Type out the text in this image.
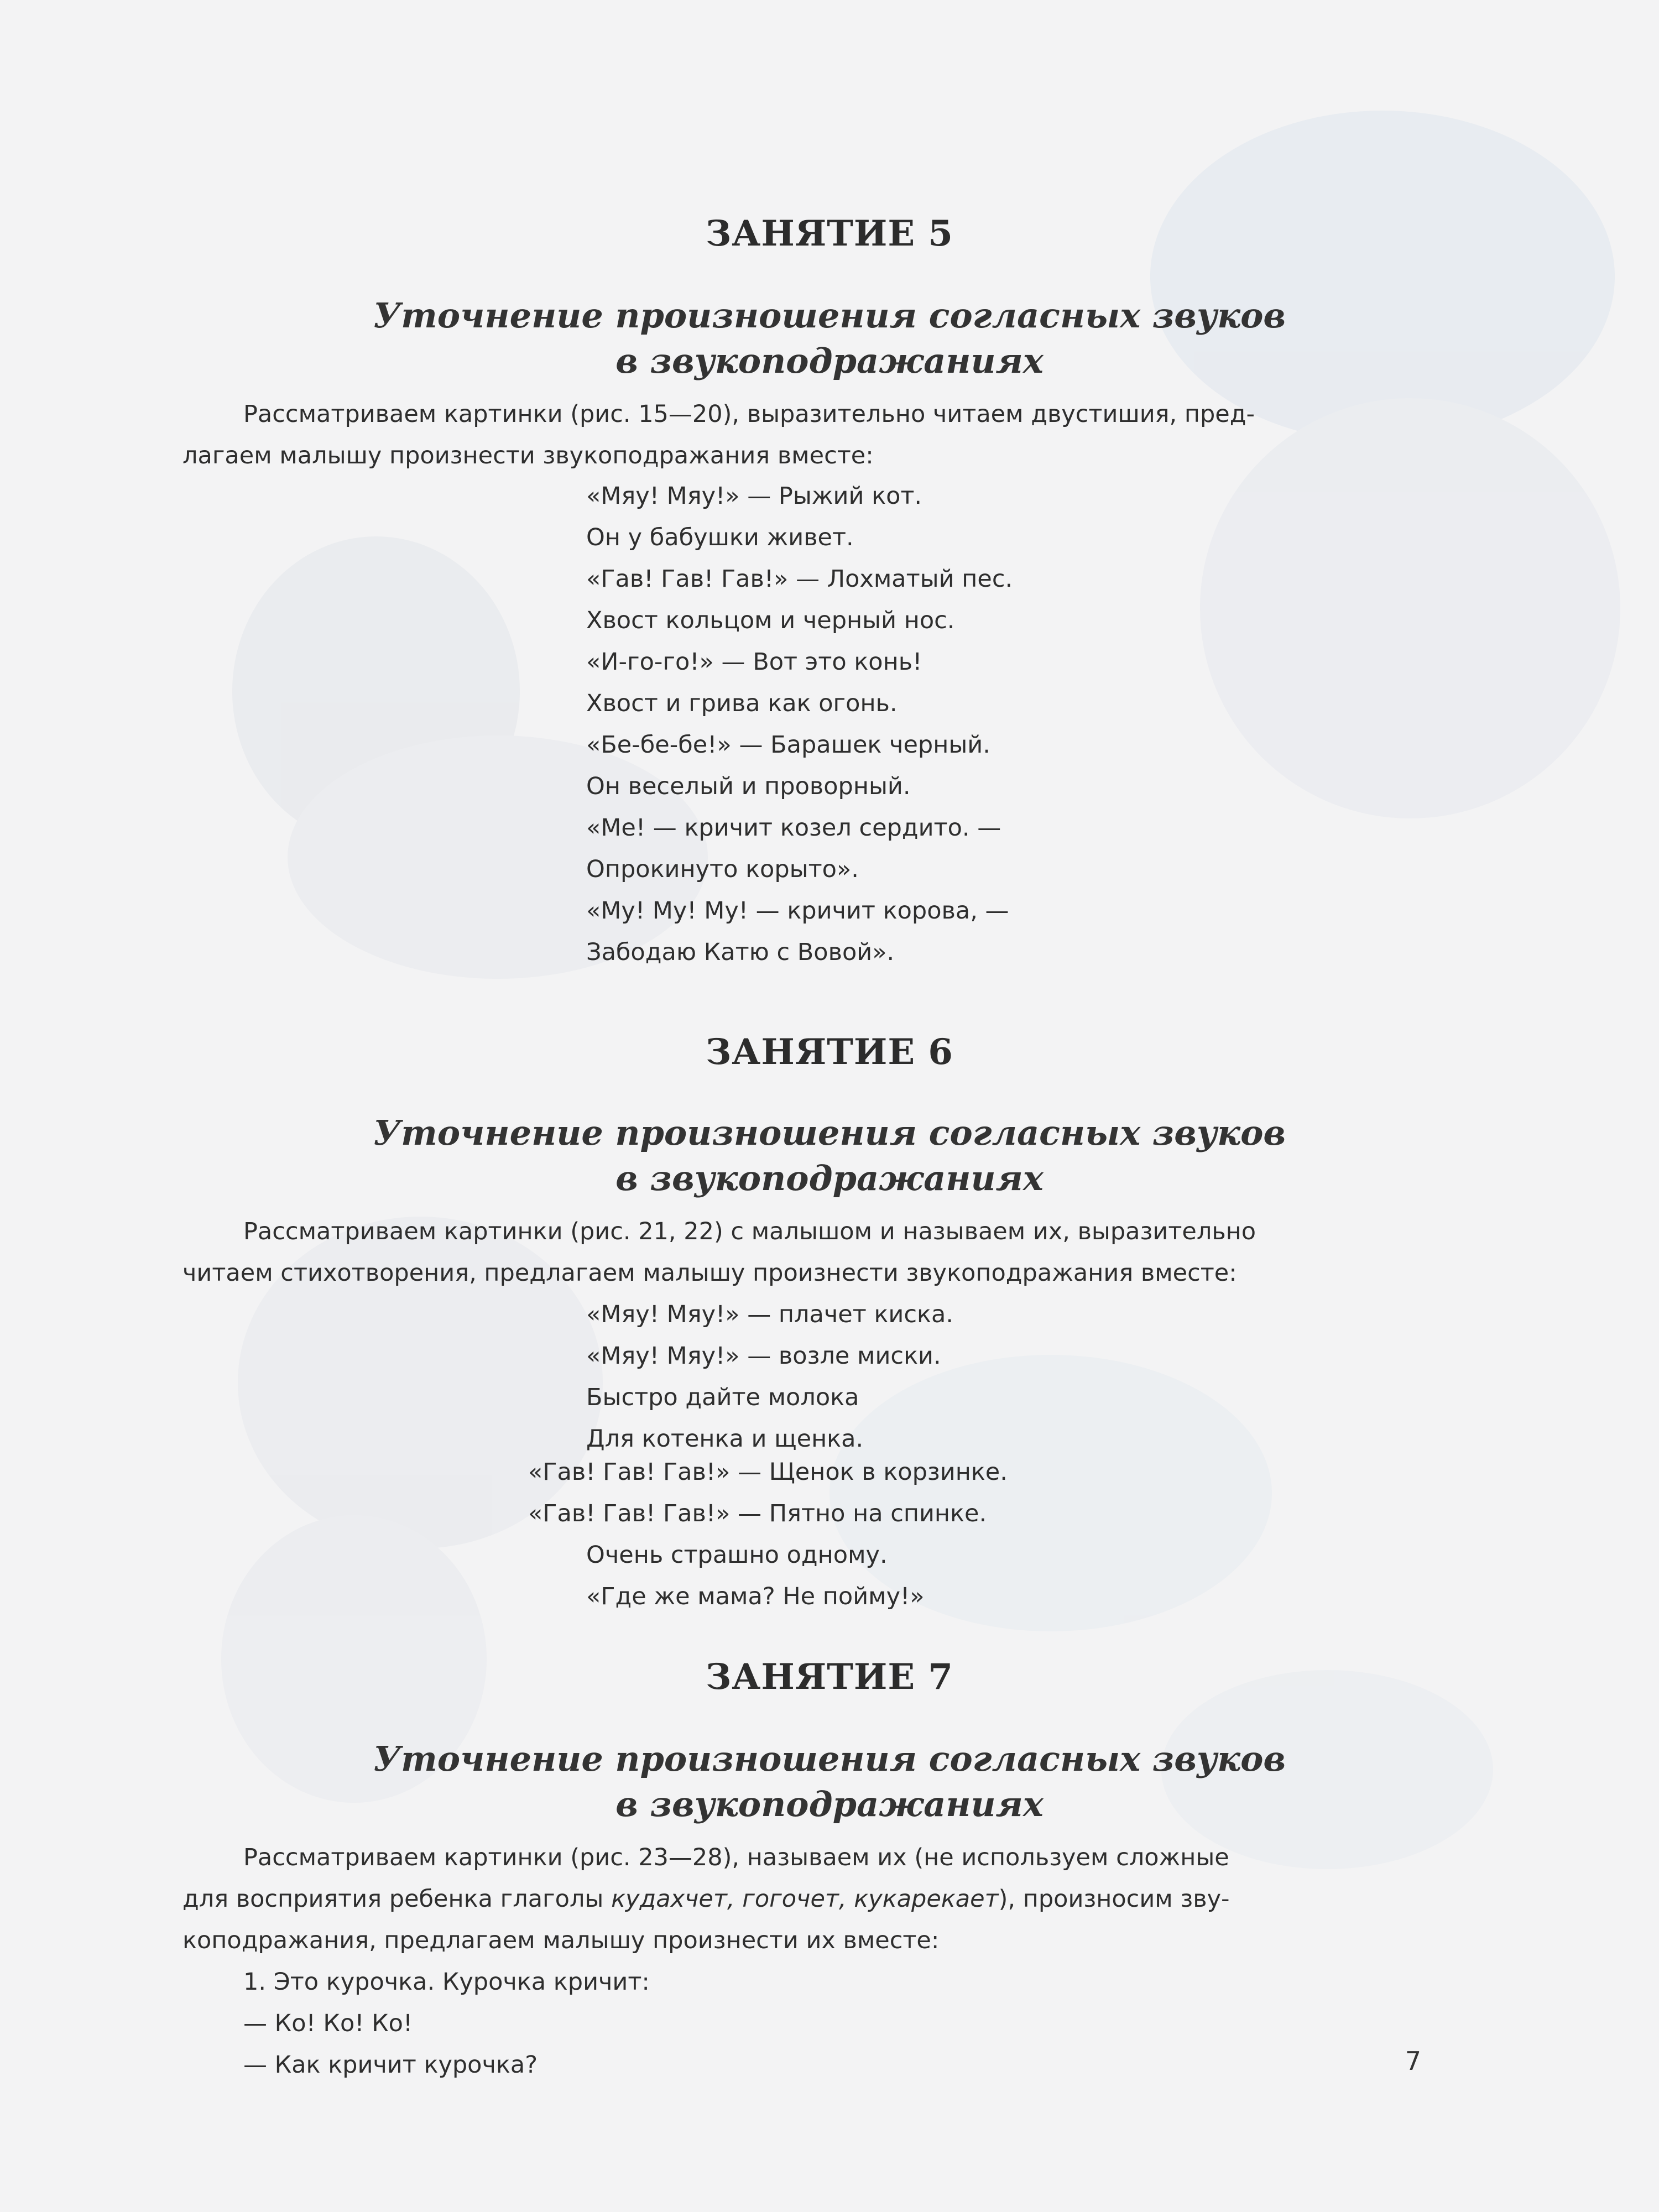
ЗАНЯТИЕ 5
Уточнение произношения согласных звуков
в звукоподражаниях
Рассматриваем картинки (рис. 15—20), выразительно читаем двустишия, пред-
лагаем малышу произнести звукоподражания вместе:
«Мяу! Мяу!» — Рыжий кот.
Он у бабушки живет.
«Гав! Гав! Гав!» — Лохматый пес.
Хвост кольцом и черный нос.
«И-го-го!» — Вот это конь!
Хвост и грива как огонь.
«Бе-бе-бе!» — Барашек черный.
Он веселый и проворный.
«Ме! — кричит козел сердито. —
Опрокинуто корыто».
«Му! Му! Му! — кричит корова, —
Забодаю Катю с Вовой».
ЗАНЯТИЕ 6
Уточнение произношения согласных звуков
в звукоподражаниях
Рассматриваем картинки (рис. 21, 22) с малышом и называем их, выразительно
читаем стихотворения, предлагаем малышу произнести звукоподражания вместе:
«Мяу! Мяу!» — плачет киска.
«Мяу! Мяу!» — возле миски.
Быстро дайте молока
Для котенка и щенка.
«Гав! Гав! Гав!» — Щенок в корзинке.
«Гав! Гав! Гав!» — Пятно на спинке.
Очень страшно одному.
«Где же мама? Не пойму!»
ЗАНЯТИЕ 7
Уточнение произношения согласных звуков
в звукоподражаниях
Рассматриваем картинки (рис. 23—28), называем их (не используем сложные
для восприятия ребенка глаголы кудахчет, гогочет, кукарекает), произносим зву-
коподражания, предлагаем малышу произнести их вместе:
1. Это курочка. Курочка кричит:
— Ко! Ко! Ко!
— Как кричит курочка?	7
